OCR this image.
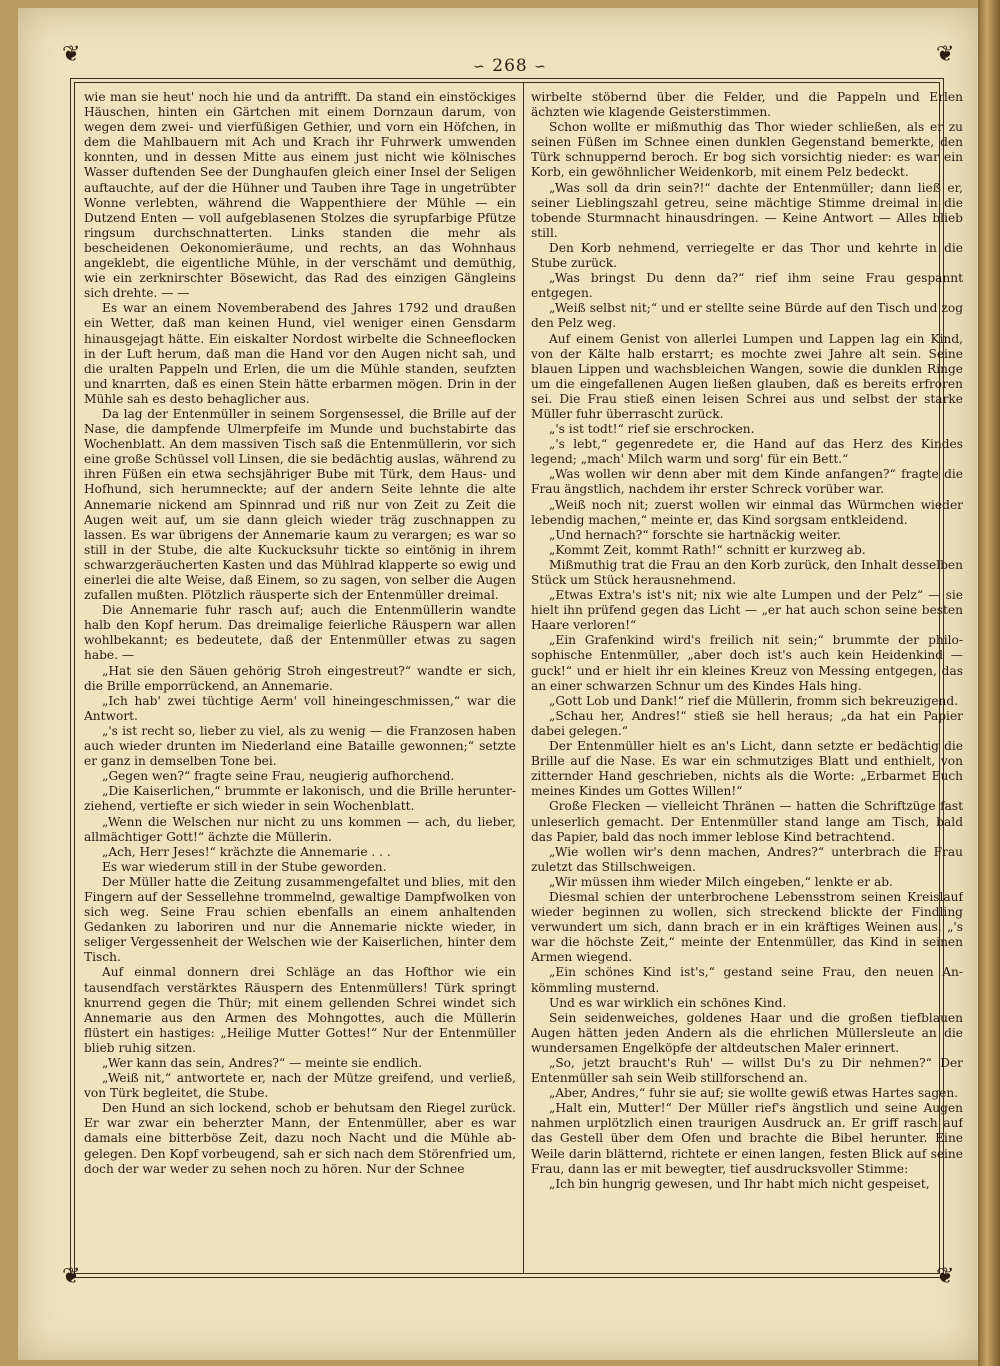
❦	❦
❦	❦
∽ 268 ∽

wie man sie heut' noch hie und da antrifft. Da stand ein einstöckiges Häuschen, hinten ein Gärtchen mit einem Dornzaun darum, von wegen dem zwei- und vierfüßigen Gethier, und vorn ein Höfchen, in dem die Mahlbauern mit Ach und Krach ihr Fuhrwerk umwenden konnten, und in dessen Mitte aus einem just nicht wie kölnisches Wasser duftenden See der Dunghaufen gleich einer Insel der Seligen auftauchte, auf der die Hühner und Tauben ihre Tage in ungetrübter Wonne verlebten, während die Wappenthiere der Mühle — ein Dutzend Enten — voll aufgeblasenen Stolzes die syrupfarbige Pfütze ringsum durchschnatterten. Links standen die mehr als bescheidenen Oekonomieräume, und rechts, an das Wohnhaus angeklebt, die eigentliche Mühle, in der verschämt und demüthig, wie ein zerknirschter Bösewicht, das Rad des einzigen Gängleins sich drehte. — —

Es war an einem Novemberabend des Jahres 1792 und draußen ein Wetter, daß man keinen Hund, viel weniger einen Gensdarm hinausgejagt hätte. Ein eiskalter Nordost wirbelte die Schneeflocken in der Luft herum, daß man die Hand vor den Augen nicht sah, und die uralten Pappeln und Erlen, die um die Mühle standen, seufzten und knarrten, daß es einen Stein hätte erbarmen mögen. Drin in der Mühle sah es desto behaglicher aus.

Da lag der Entenmüller in seinem Sorgensessel, die Brille auf der Nase, die dampfende Ulmerpfeife im Munde und buchstabirte das Wochenblatt. An dem massiven Tisch saß die Entenmüllerin, vor sich eine große Schüssel voll Linsen, die sie bedächtig auslas, während zu ihren Füßen ein etwa sechsjähriger Bube mit Türk, dem Haus- und Hofhund, sich herumneckte; auf der andern Seite lehnte die alte Annemarie nickend am Spinnrad und riß nur von Zeit zu Zeit die Augen weit auf, um sie dann gleich wieder träg zuschnappen zu lassen. Es war übrigens der Annemarie kaum zu verargen; es war so still in der Stube, die alte Kuckucksuhr tickte so eintönig in ihrem schwarzgeräucherten Kasten und das Mühlrad klapperte so ewig und einerlei die alte Weise, daß Einem, so zu sagen, von selber die Augen zufallen mußten. Plötzlich räusperte sich der Entenmüller dreimal.

Die Annemarie fuhr rasch auf; auch die Entenmüllerin wandte halb den Kopf herum. Das dreimalige feierliche Räuspern war allen wohlbekannt; es bedeutete, daß der Entenmüller etwas zu sagen habe. —

„Hat sie den Säuen gehörig Stroh eingestreut?“ wandte er sich, die Brille emporrückend, an Annemarie.

„Ich hab' zwei tüchtige Aerm' voll hineingeschmissen,“ war die Antwort.

„'s ist recht so, lieber zu viel, als zu wenig — die Franzosen haben auch wieder drunten im Niederland eine Bataille gewonnen;“ setzte er ganz in demselben Tone bei.

„Gegen wen?“ fragte seine Frau, neugierig aufhorchend.

„Die Kaiserlichen,“ brummte er lakonisch, und die Brille herunterziehend, vertiefte er sich wieder in sein Wochenblatt.

„Wenn die Welschen nur nicht zu uns kommen — ach, du lieber, allmächtiger Gott!“ ächzte die Müllerin.

„Ach, Herr Jeses!“ krächzte die Annemarie . . .

Es war wiederum still in der Stube geworden.

Der Müller hatte die Zeitung zusammengefaltet und blies, mit den Fingern auf der Sessellehne trommelnd, gewaltige Dampfwolken von sich weg. Seine Frau schien ebenfalls an einem anhaltenden Gedanken zu laboriren und nur die Annemarie nickte wieder, in seliger Vergessenheit der Welschen wie der Kaiserlichen, hinter dem Tisch.

Auf einmal donnern drei Schläge an das Hofthor wie ein tausendfach verstärktes Räuspern des Entenmüllers! Türk springt knurrend gegen die Thür; mit einem gellenden Schrei windet sich Annemarie aus den Armen des Mohngottes, auch die Müllerin flüstert ein hastiges: „Heilige Mutter Gottes!“ Nur der Entenmüller blieb ruhig sitzen.

„Wer kann das sein, Andres?“ — meinte sie endlich.

„Weiß nit,“ antwortete er, nach der Mütze greifend, und verließ, von Türk begleitet, die Stube.

Den Hund an sich lockend, schob er behutsam den Riegel zurück. Er war zwar ein beherzter Mann, der Entenmüller, aber es war damals eine bitterböse Zeit, dazu noch Nacht und die Mühle abgelegen. Den Kopf vorbeugend, sah er sich nach dem Störenfried um, doch der war weder zu sehen noch zu hören. Nur der Schnee

wirbelte stöbernd über die Felder, und die Pappeln und Erlen ächzten wie klagende Geisterstimmen.

Schon wollte er mißmuthig das Thor wieder schließen, als er zu seinen Füßen im Schnee einen dunklen Gegenstand bemerkte, den Türk schnuppernd beroch. Er bog sich vorsichtig nieder: es war ein Korb, ein gewöhnlicher Weidenkorb, mit einem Pelz bedeckt.

„Was soll da drin sein?!“ dachte der Entenmüller; dann ließ er, seiner Lieblingszahl getreu, seine mächtige Stimme dreimal in die tobende Sturmnacht hinausdringen. — Keine Antwort — Alles blieb still.

Den Korb nehmend, verriegelte er das Thor und kehrte in die Stube zurück.

„Was bringst Du denn da?“ rief ihm seine Frau gespannt entgegen.

„Weiß selbst nit;“ und er stellte seine Bürde auf den Tisch und zog den Pelz weg.

Auf einem Genist von allerlei Lumpen und Lappen lag ein Kind, von der Kälte halb erstarrt; es mochte zwei Jahre alt sein. Seine blauen Lippen und wachsbleichen Wangen, sowie die dunklen Ringe um die eingefallenen Augen ließen glauben, daß es bereits erfroren sei. Die Frau stieß einen leisen Schrei aus und selbst der starke Müller fuhr überrascht zurück.

„'s ist todt!“ rief sie erschrocken.

„'s lebt,“ gegenredete er, die Hand auf das Herz des Kindes legend; „mach' Milch warm und sorg' für ein Bett.“

„Was wollen wir denn aber mit dem Kinde anfangen?“ fragte die Frau ängstlich, nachdem ihr erster Schreck vorüber war.

„Weiß noch nit; zuerst wollen wir einmal das Würmchen wieder lebendig machen,“ meinte er, das Kind sorgsam entkleidend.

„Und hernach?“ forschte sie hartnäckig weiter.

„Kommt Zeit, kommt Rath!“ schnitt er kurzweg ab.

Mißmuthig trat die Frau an den Korb zurück, den Inhalt desselben Stück um Stück herausnehmend.

„Etwas Extra's ist's nit; nix wie alte Lumpen und der Pelz“ — sie hielt ihn prüfend gegen das Licht — „er hat auch schon seine besten Haare verloren!“

„Ein Grafenkind wird's freilich nit sein;“ brummte der philosophische Entenmüller, „aber doch ist's auch kein Heidenkind — guck!“ und er hielt ihr ein kleines Kreuz von Messing entgegen, das an einer schwarzen Schnur um des Kindes Hals hing.

„Gott Lob und Dank!“ rief die Müllerin, fromm sich bekreuzigend.

„Schau her, Andres!“ stieß sie hell heraus; „da hat ein Papier dabei gelegen.“

Der Entenmüller hielt es an's Licht, dann setzte er bedächtig die Brille auf die Nase. Es war ein schmutziges Blatt und enthielt, von zitternder Hand geschrieben, nichts als die Worte: „Erbarmet Euch meines Kindes um Gottes Willen!“

Große Flecken — vielleicht Thränen — hatten die Schriftzüge fast unleserlich gemacht. Der Entenmüller stand lange am Tisch, bald das Papier, bald das noch immer leblose Kind betrachtend.

„Wie wollen wir's denn machen, Andres?“ unterbrach die Frau zuletzt das Stillschweigen.

„Wir müssen ihm wieder Milch eingeben,“ lenkte er ab.

Diesmal schien der unterbrochene Lebensstrom seinen Kreislauf wieder beginnen zu wollen, sich streckend blickte der Findling verwundert um sich, dann brach er in ein kräftiges Weinen aus. „'s war die höchste Zeit,“ meinte der Entenmüller, das Kind in seinen Armen wiegend.

„Ein schönes Kind ist's,“ gestand seine Frau, den neuen Ankömmling musternd.

Und es war wirklich ein schönes Kind.

Sein seidenweiches, goldenes Haar und die großen tiefblauen Augen hätten jeden Andern als die ehrlichen Müllersleute an die wundersamen Engelköpfe der altdeutschen Maler erinnert.

„So, jetzt braucht's Ruh' — willst Du's zu Dir nehmen?“ Der Entenmüller sah sein Weib stillforschend an.

„Aber, Andres,“ fuhr sie auf; sie wollte gewiß etwas Hartes sagen.

„Halt ein, Mutter!“ Der Müller rief's ängstlich und seine Augen nahmen urplötzlich einen traurigen Ausdruck an. Er griff rasch auf das Gestell über dem Ofen und brachte die Bibel herunter. Eine Weile darin blätternd, richtete er einen langen, festen Blick auf seine Frau, dann las er mit bewegter, tief ausdrucksvoller Stimme:

„Ich bin hungrig gewesen, und Ihr habt mich nicht gespeiset,
